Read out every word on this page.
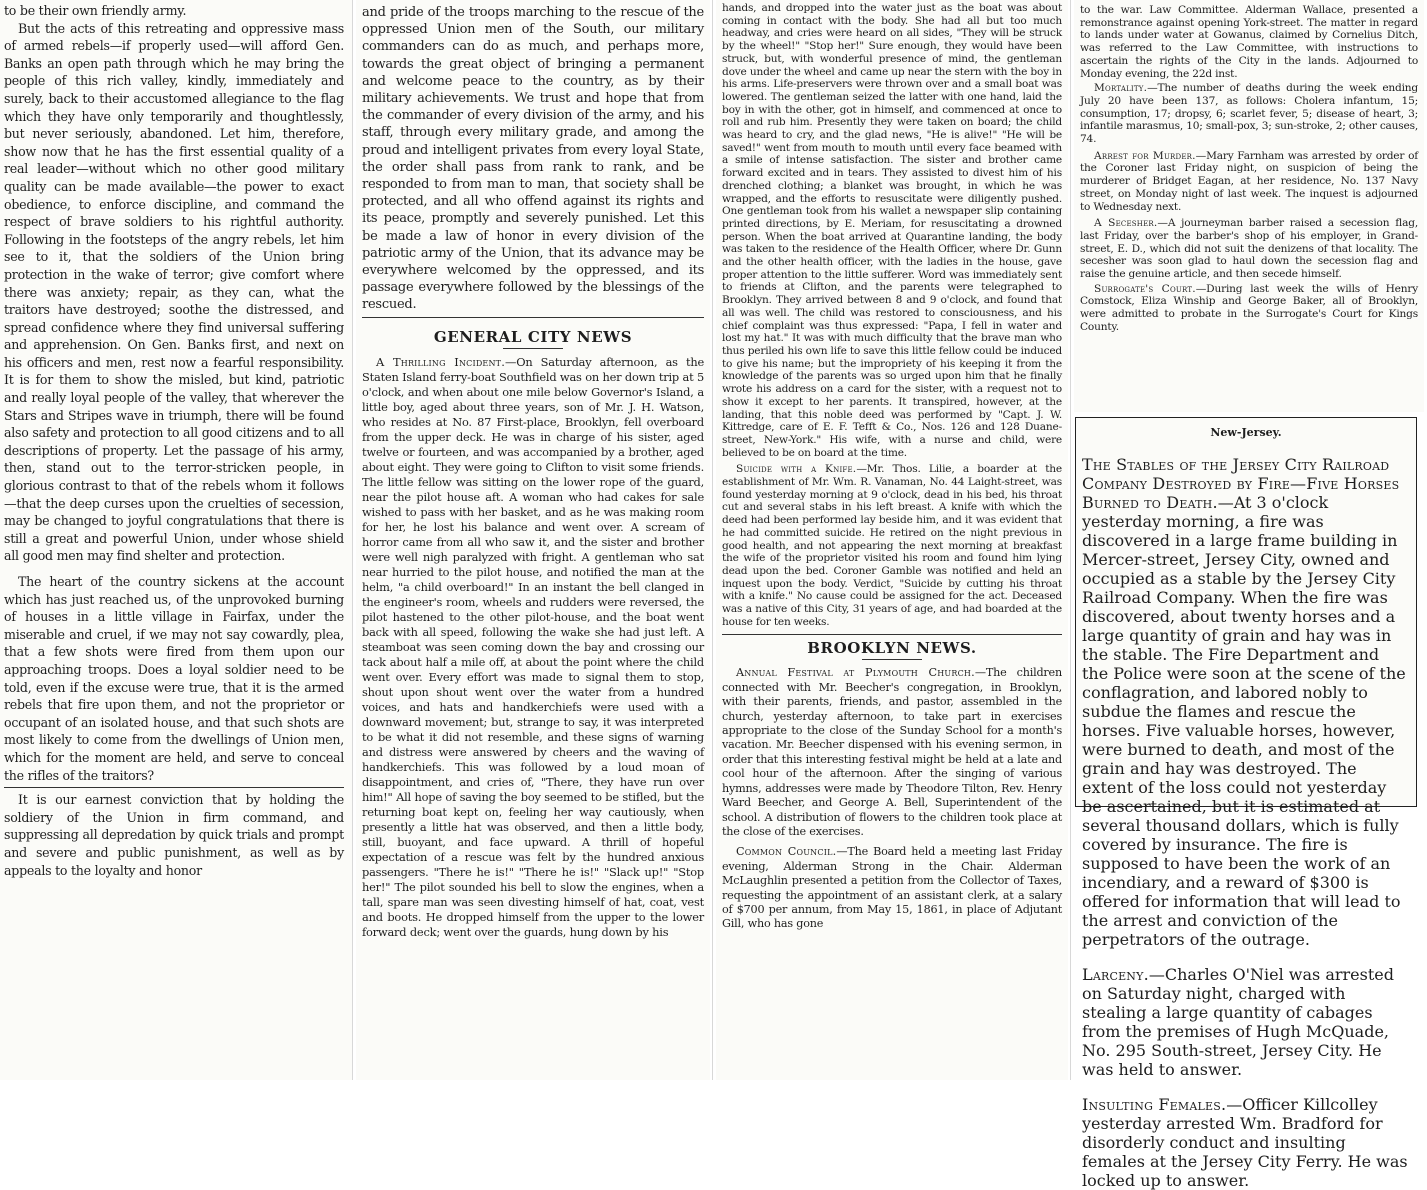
to be their own friendly army.

But the acts of this retreating and oppressive mass of armed rebels—if properly used—will afford Gen. Banks an open path through which he may bring the people of this rich valley, kindly, immediately and surely, back to their accustomed allegiance to the flag which they have only temporarily and thoughtlessly, but never seriously, abandoned. Let him, therefore, show now that he has the first essential quality of a real leader—without which no other good military quality can be made available—the power to exact obedience, to enforce discipline, and command the respect of brave soldiers to his rightful authority. Following in the footsteps of the angry rebels, let him see to it, that the soldiers of the Union bring protection in the wake of terror; give comfort where there was anxiety; repair, as they can, what the traitors have destroyed; soothe the distressed, and spread confidence where they find universal suffering and apprehension. On Gen. Banks first, and next on his officers and men, rest now a fearful responsibility. It is for them to show the misled, but kind, patriotic and really loyal people of the valley, that wherever the Stars and Stripes wave in triumph, there will be found also safety and protection to all good citizens and to all descriptions of property. Let the passage of his army, then, stand out to the terror-stricken people, in glorious contrast to that of the rebels whom it follows—that the deep curses upon the cruelties of secession, may be changed to joyful congratulations that there is still a great and powerful Union, under whose shield all good men may find shelter and protection.

The heart of the country sickens at the account which has just reached us, of the unprovoked burning of houses in a little village in Fairfax, under the miserable and cruel, if we may not say cowardly, plea, that a few shots were fired from them upon our approaching troops. Does a loyal soldier need to be told, even if the excuse were true, that it is the armed rebels that fire upon them, and not the proprietor or occupant of an isolated house, and that such shots are most likely to come from the dwellings of Union men, which for the moment are held, and serve to conceal the rifles of the traitors?

It is our earnest conviction that by holding the soldiery of the Union in firm command, and suppressing all depredation by quick trials and prompt and severe and public punishment, as well as by appeals to the loyalty and honor

and pride of the troops marching to the rescue of the oppressed Union men of the South, our military commanders can do as much, and perhaps more, towards the great object of bringing a permanent and welcome peace to the country, as by their military achievements. We trust and hope that from the commander of every division of the army, and his staff, through every military grade, and among the proud and intelligent privates from every loyal State, the order shall pass from rank to rank, and be responded to from man to man, that society shall be protected, and all who offend against its rights and its peace, promptly and severely punished. Let this be made a law of honor in every division of the patriotic army of the Union, that its advance may be everywhere welcomed by the oppressed, and its passage everywhere followed by the blessings of the rescued.

GENERAL CITY NEWS

A Thrilling Incident.—On Saturday afternoon, as the Staten Island ferry-boat Southfield was on her down trip at 5 o'clock, and when about one mile below Governor's Island, a little boy, aged about three years, son of Mr. J. H. Watson, who resides at No. 87 First-place, Brooklyn, fell overboard from the upper deck. He was in charge of his sister, aged twelve or fourteen, and was accompanied by a brother, aged about eight. They were going to Clifton to visit some friends. The little fellow was sitting on the lower rope of the guard, near the pilot house aft. A woman who had cakes for sale wished to pass with her basket, and as he was making room for her, he lost his balance and went over. A scream of horror came from all who saw it, and the sister and brother were well nigh paralyzed with fright. A gentleman who sat near hurried to the pilot house, and notified the man at the helm, "a child overboard!" In an instant the bell clanged in the engineer's room, wheels and rudders were reversed, the pilot hastened to the other pilot-house, and the boat went back with all speed, following the wake she had just left. A steamboat was seen coming down the bay and crossing our tack about half a mile off, at about the point where the child went over. Every effort was made to signal them to stop, shout upon shout went over the water from a hundred voices, and hats and handkerchiefs were used with a downward movement; but, strange to say, it was interpreted to be what it did not resemble, and these signs of warning and distress were answered by cheers and the waving of handkerchiefs. This was followed by a loud moan of disappointment, and cries of, "There, they have run over him!" All hope of saving the boy seemed to be stifled, but the returning boat kept on, feeling her way cautiously, when presently a little hat was observed, and then a little body, still, buoyant, and face upward. A thrill of hopeful expectation of a rescue was felt by the hundred anxious passengers. "There he is!" "There he is!" "Slack up!" "Stop her!" The pilot sounded his bell to slow the engines, when a tall, spare man was seen divesting himself of hat, coat, vest and boots. He dropped himself from the upper to the lower forward deck; went over the guards, hung down by his

hands, and dropped into the water just as the boat was about coming in contact with the body. She had all but too much headway, and cries were heard on all sides, "They will be struck by the wheel!" "Stop her!" Sure enough, they would have been struck, but, with wonderful presence of mind, the gentleman dove under the wheel and came up near the stern with the boy in his arms. Life-preservers were thrown over and a small boat was lowered. The gentleman seized the latter with one hand, laid the boy in with the other, got in himself, and commenced at once to roll and rub him. Presently they were taken on board; the child was heard to cry, and the glad news, "He is alive!" "He will be saved!" went from mouth to mouth until every face beamed with a smile of intense satisfaction. The sister and brother came forward excited and in tears. They assisted to divest him of his drenched clothing; a blanket was brought, in which he was wrapped, and the efforts to resuscitate were diligently pushed. One gentleman took from his wallet a newspaper slip containing printed directions, by E. Meriam, for resuscitating a drowned person. When the boat arrived at Quarantine landing, the body was taken to the residence of the Health Officer, where Dr. Gunn and the other health officer, with the ladies in the house, gave proper attention to the little sufferer. Word was immediately sent to friends at Clifton, and the parents were telegraphed to Brooklyn. They arrived between 8 and 9 o'clock, and found that all was well. The child was restored to consciousness, and his chief complaint was thus expressed: "Papa, I fell in water and lost my hat." It was with much difficulty that the brave man who thus periled his own life to save this little fellow could be induced to give his name; but the impropriety of his keeping it from the knowledge of the parents was so urged upon him that he finally wrote his address on a card for the sister, with a request not to show it except to her parents. It transpired, however, at the landing, that this noble deed was performed by "Capt. J. W. Kittredge, care of E. F. Tefft & Co., Nos. 126 and 128 Duane-street, New-York." His wife, with a nurse and child, were believed to be on board at the time.

Suicide with a Knife.—Mr. Thos. Lilie, a boarder at the establishment of Mr. Wm. R. Vanaman, No. 44 Laight-street, was found yesterday morning at 9 o'clock, dead in his bed, his throat cut and several stabs in his left breast. A knife with which the deed had been performed lay beside him, and it was evident that he had committed suicide. He retired on the night previous in good health, and not appearing the next morning at breakfast the wife of the proprietor visited his room and found him lying dead upon the bed. Coroner Gamble was notified and held an inquest upon the body. Verdict, "Suicide by cutting his throat with a knife." No cause could be assigned for the act. Deceased was a native of this City, 31 years of age, and had boarded at the house for ten weeks.

BROOKLYN NEWS.

Annual Festival at Plymouth Church.—The children connected with Mr. Beecher's congregation, in Brooklyn, with their parents, friends, and pastor, assembled in the church, yesterday afternoon, to take part in exercises appropriate to the close of the Sunday School for a month's vacation. Mr. Beecher dispensed with his evening sermon, in order that this interesting festival might be held at a late and cool hour of the afternoon. After the singing of various hymns, addresses were made by Theodore Tilton, Rev. Henry Ward Beecher, and George A. Bell, Superintendent of the school. A distribution of flowers to the children took place at the close of the exercises.

Common Council.—The Board held a meeting last Friday evening, Alderman Strong in the Chair. Alderman McLaughlin presented a petition from the Collector of Taxes, requesting the appointment of an assistant clerk, at a salary of $700 per annum, from May 15, 1861, in place of Adjutant Gill, who has gone

to the war. Law Committee. Alderman Wallace, presented a remonstrance against opening York-street. The matter in regard to lands under water at Gowanus, claimed by Cornelius Ditch, was referred to the Law Committee, with instructions to ascertain the rights of the City in the lands. Adjourned to Monday evening, the 22d inst.

Mortality.—The number of deaths during the week ending July 20 have been 137, as follows: Cholera infantum, 15; consumption, 17; dropsy, 6; scarlet fever, 5; disease of heart, 3; infantile marasmus, 10; small-pox, 3; sun-stroke, 2; other causes, 74.

Arrest for Murder.—Mary Farnham was arrested by order of the Coroner last Friday night, on suspicion of being the murderer of Bridget Eagan, at her residence, No. 137 Navy street, on Monday night of last week. The inquest is adjourned to Wednesday next.

A Secesher.—A journeyman barber raised a secession flag, last Friday, over the barber's shop of his employer, in Grand-street, E. D., which did not suit the denizens of that locality. The secesher was soon glad to haul down the secession flag and raise the genuine article, and then secede himself.

Surrogate's Court.—During last week the wills of Henry Comstock, Eliza Winship and George Baker, all of Brooklyn, were admitted to probate in the Surrogate's Court for Kings County.

New-Jersey.

The Stables of the Jersey City Railroad Company Destroyed by Fire—Five Horses Burned to Death.—At 3 o'clock yesterday morning, a fire was discovered in a large frame building in Mercer-street, Jersey City, owned and occupied as a stable by the Jersey City Railroad Company. When the fire was discovered, about twenty horses and a large quantity of grain and hay was in the stable. The Fire Department and the Police were soon at the scene of the conflagration, and labored nobly to subdue the flames and rescue the horses. Five valuable horses, however, were burned to death, and most of the grain and hay was destroyed. The extent of the loss could not yesterday be ascertained, but it is estimated at several thousand dollars, which is fully covered by insurance. The fire is supposed to have been the work of an incendiary, and a reward of $300 is offered for information that will lead to the arrest and conviction of the perpetrators of the outrage.

Larceny.—Charles O'Niel was arrested on Saturday night, charged with stealing a large quantity of cabages from the premises of Hugh McQuade, No. 295 South-street, Jersey City. He was held to answer.

Insulting Females.—Officer Killcolley yesterday arrested Wm. Bradford for disorderly conduct and insulting females at the Jersey City Ferry. He was locked up to answer.
